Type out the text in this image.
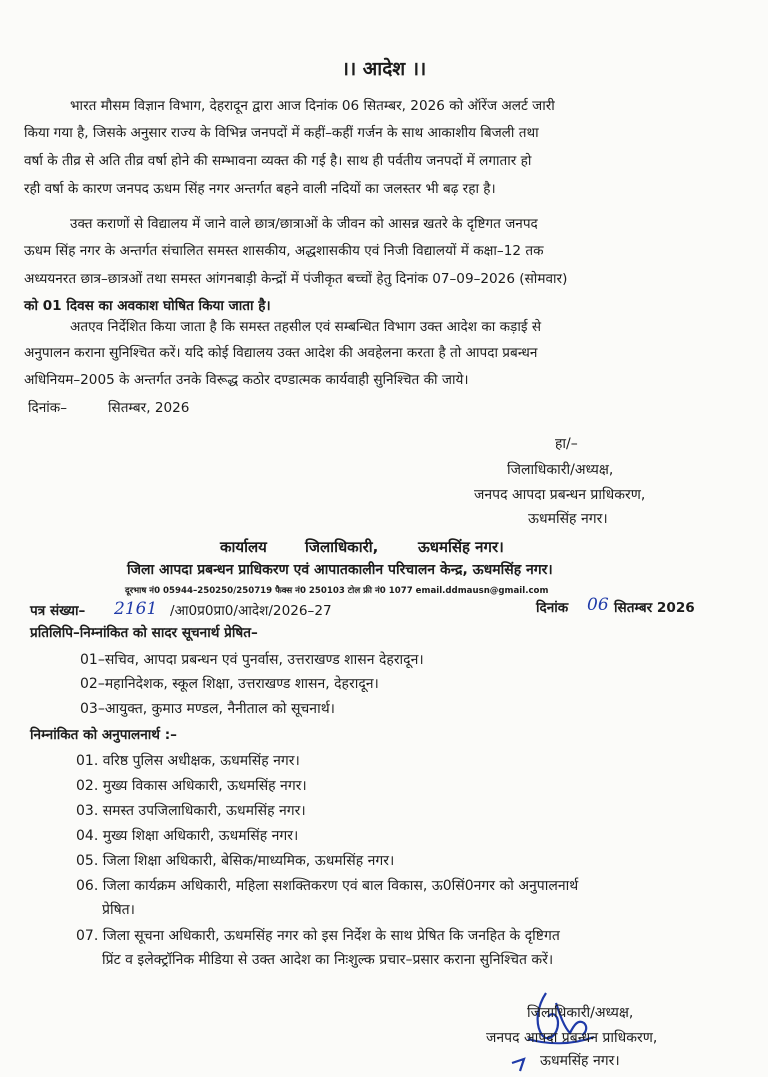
।। आदेश ।।
भारत मौसम विज्ञान विभाग, देहरादून द्वारा आज दिनांक 06 सितम्बर, 2026 को ऑरेंज अलर्ट जारी
किया गया है, जिसके अनुसार राज्य के विभिन्न जनपदों में कहीं–कहीं गर्जन के साथ आकाशीय बिजली तथा
वर्षा के तीव्र से अति तीव्र वर्षा होने की सम्भावना व्यक्त की गई है। साथ ही पर्वतीय जनपदों में लगातार हो
रही वर्षा के कारण जनपद ऊधम सिंह नगर अन्तर्गत बहने वाली नदियों का जलस्तर भी बढ़ रहा है।
उक्त कराणों से विद्यालय में जाने वाले छात्र/छात्राओं के जीवन को आसन्न खतरे के दृष्टिगत जनपद
ऊधम सिंह नगर के अन्तर्गत संचालित समस्त शासकीय, अद्धशासकीय एवं निजी विद्यालयों में कक्षा–12 तक
अध्ययनरत छात्र–छात्रओं तथा समस्त आंगनबाड़ी केन्द्रों में पंजीकृत बच्चों हेतु दिनांक 07–09–2026 (सोमवार)
को 01 दिवस का अवकाश घोषित किया जाता है।
अतएव निर्देशित किया जाता है कि समस्त तहसील एवं सम्बन्धित विभाग उक्त आदेश का कड़ाई से
अनुपालन कराना सुनिश्चित करें। यदि कोई विद्यालय उक्त आदेश की अवहेलना करता है तो आपदा प्रबन्धन
अधिनियम–2005 के अन्तर्गत उनके विरूद्ध कठोर दण्डात्मक कार्यवाही सुनिश्चित की जाये।
दिनांक–	सितम्बर, 2026
हा/–
जिलाधिकारी/अध्यक्ष,
जनपद आपदा प्रबन्धन प्राधिकरण,
ऊधमसिंह नगर।
कार्यालय	जिलाधिकारी,	ऊधमसिंह नगर।
जिला आपदा प्रबन्धन प्राधिकरण एवं आपातकालीन परिचालन केन्द्र, ऊधमसिंह नगर।
दूरभाष नं0 05944–250250/250719 फैक्स नं0 250103 टोल फ्री नं0 1077 email.ddmausn@gmail.com
पत्र संख्या– 2161 /आ0प्र0प्रा0/आदेश/2026–27	दिनांक 06 सितम्बर 2026
प्रतिलिपि–निम्नांकित को सादर सूचनार्थ प्रेषित–
01–सचिव, आपदा प्रबन्धन एवं पुनर्वास, उत्तराखण्ड शासन देहरादून।
02–महानिदेशक, स्कूल शिक्षा, उत्तराखण्ड शासन, देहरादून।
03–आयुक्त, कुमाउ मण्डल, नैनीताल को सूचनार्थ।
निम्नांकित को अनुपालनार्थ :–
01. वरिष्ठ पुलिस अधीक्षक, ऊधमसिंह नगर।
02. मुख्य विकास अधिकारी, ऊधमसिंह नगर।
03. समस्त उपजिलाधिकारी, ऊधमसिंह नगर।
04. मुख्य शिक्षा अधिकारी, ऊधमसिंह नगर।
05. जिला शिक्षा अधिकारी, बेसिक/माध्यमिक, ऊधमसिंह नगर।
06. जिला कार्यक्रम अधिकारी, महिला सशक्तिकरण एवं बाल विकास, ऊ0सिं0नगर को अनुपालनार्थ
प्रेषित।
07. जिला सूचना अधिकारी, ऊधमसिंह नगर को इस निर्देश के साथ प्रेषित कि जनहित के दृष्टिगत
प्रिंट व इलेक्ट्रॉनिक मीडिया से उक्त आदेश का निःशुल्क प्रचार–प्रसार कराना सुनिश्चित करें।
जिलाधिकारी/अध्यक्ष,
जनपद आपदा प्रबन्धन प्राधिकरण,
ऊधमसिंह नगर।
